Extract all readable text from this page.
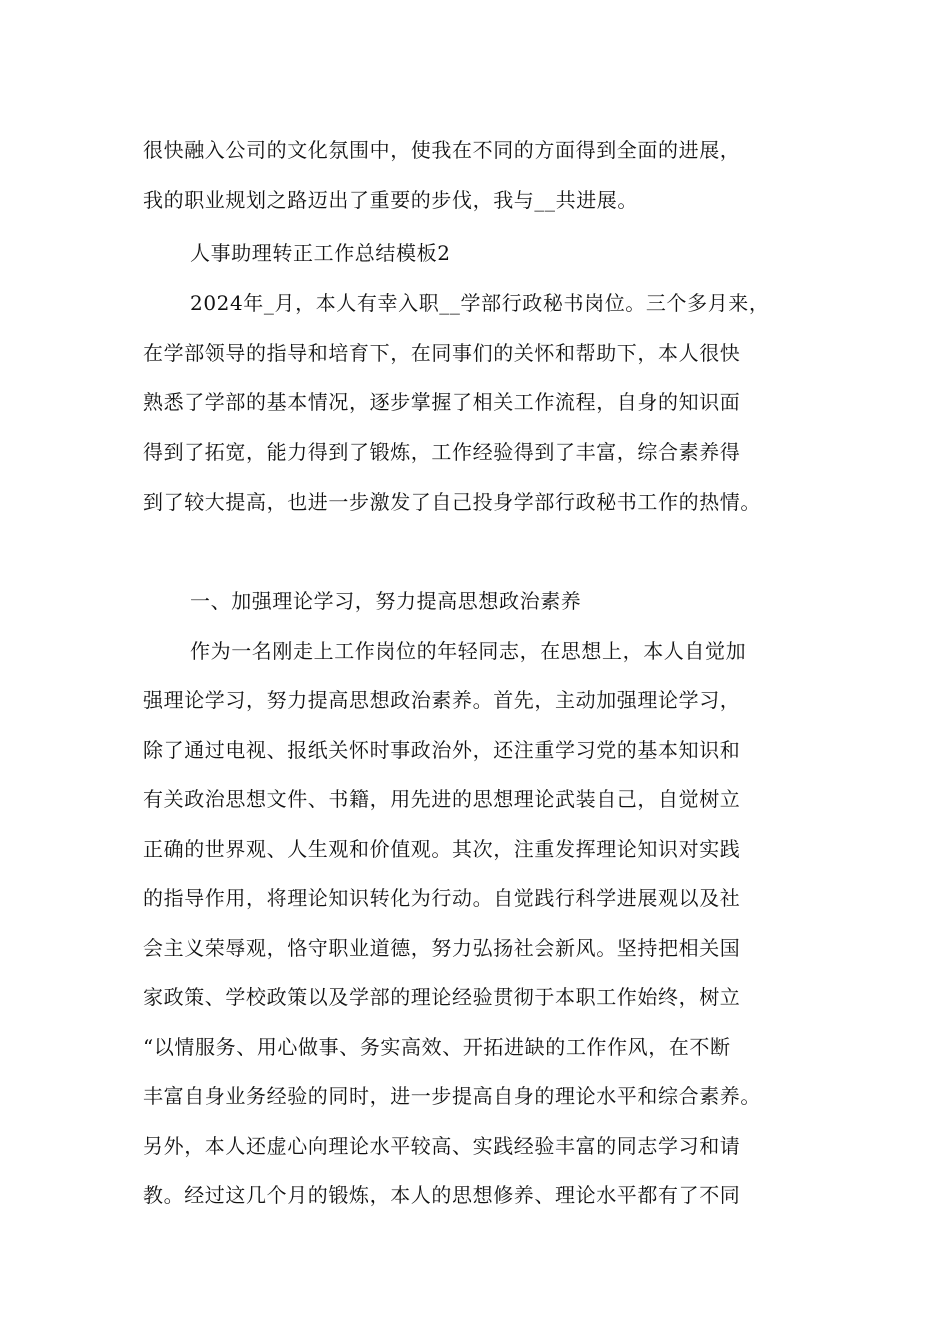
很快融入公司的文化氛围中，使我在不同的方面得到全面的进展，
我的职业规划之路迈出了重要的步伐，我与__共进展。
人事助理转正工作总结模板2
2024年_月，本人有幸入职__学部行政秘书岗位。三个多月来，
在学部领导的指导和培育下，在同事们的关怀和帮助下，本人很快
熟悉了学部的基本情况，逐步掌握了相关工作流程，自身的知识面
得到了拓宽，能力得到了锻炼，工作经验得到了丰富，综合素养得
到了较大提高，也进一步激发了自己投身学部行政秘书工作的热情。
一、加强理论学习，努力提高思想政治素养
作为一名刚走上工作岗位的年轻同志，在思想上，本人自觉加
强理论学习，努力提高思想政治素养。首先，主动加强理论学习，
除了通过电视、报纸关怀时事政治外，还注重学习党的基本知识和
有关政治思想文件、书籍，用先进的思想理论武装自己，自觉树立
正确的世界观、人生观和价值观。其次，注重发挥理论知识对实践
的指导作用，将理论知识转化为行动。自觉践行科学进展观以及社
会主义荣辱观，恪守职业道德，努力弘扬社会新风。坚持把相关国
家政策、学校政策以及学部的理论经验贯彻于本职工作始终，树立
“以情服务、用心做事、务实高效、开拓进缺的工作作风，在不断
丰富自身业务经验的同时，进一步提高自身的理论水平和综合素养。
另外，本人还虚心向理论水平较高、实践经验丰富的同志学习和请
教。经过这几个月的锻炼，本人的思想修养、理论水平都有了不同
